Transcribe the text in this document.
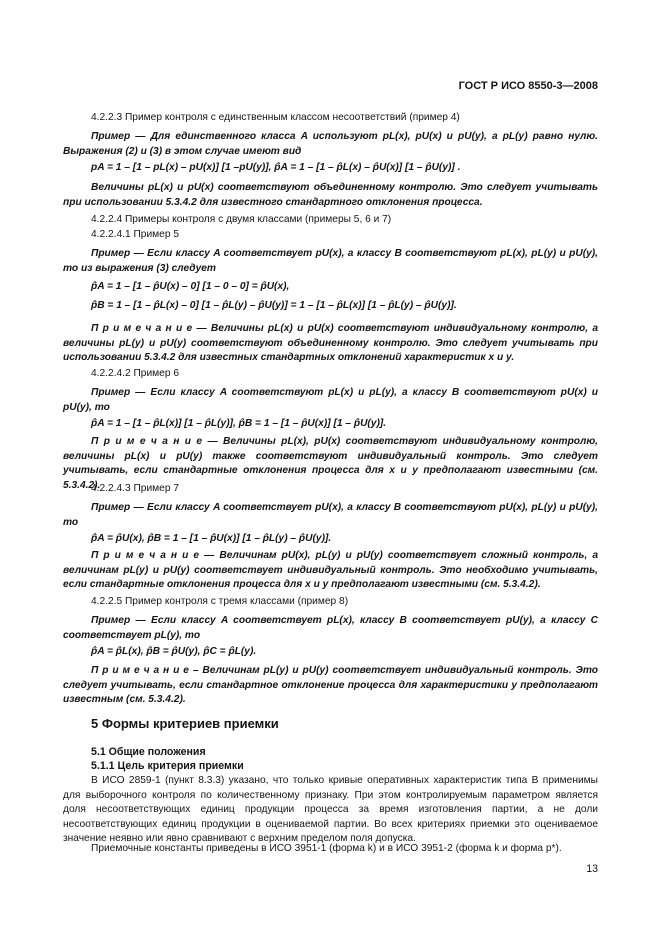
ГОСТ Р ИСО 8550-3—2008

4.2.2.3 Пример контроля с единственным классом несоответствий (пример 4)

Пример — Для единственного класса A используют pL(x), pU(x) и pU(y), а pL(y) равно нулю. Выражения (2) и (3) в этом случае имеют вид

pA = 1 – [1 – pL(x) – pU(x)] [1 –pU(y)], p̂A = 1 – [1 – p̂L(x) – p̂U(x)] [1 – p̂U(y)] .

Величины pL(x) и pU(x) соответствуют объединенному контролю. Это следует учитывать при использовании 5.3.4.2 для известного стандартного отклонения процесса.

4.2.2.4 Примеры контроля с двумя классами (примеры 5, 6 и 7)

4.2.2.4.1 Пример 5

Пример — Если классу A соответствует pU(x), а классу B соответствуют pL(x), pL(y) и pU(y), то из выражения (3) следует

p̂A = 1 – [1 – p̂U(x) – 0] [1 – 0 – 0] = p̂U(x),
p̂B = 1 – [1 – p̂L(x) – 0] [1 – p̂L(y) – p̂U(y)] = 1 – [1 – p̂L(x)] [1 – p̂L(y) – p̂U(y)].

П р и м е ч а н и е — Величины pL(x) и pU(x) соответствуют индивидуальному контролю, а величины pL(y) и pU(y) соответствуют объединенному контролю. Это следует учитывать при использовании 5.3.4.2 для известных стандартных отклонений характеристик x и y.

4.2.2.4.2 Пример 6

Пример — Если классу A соответствуют pL(x) и pL(y), а классу B соответствуют pU(x) и pU(y), то

p̂A = 1 – [1 – p̂L(x)] [1 – p̂L(y)], p̂B = 1 – [1 – p̂U(x)] [1 – p̂U(y)].

П р и м е ч а н и е — Величины pL(x), pU(x) соответствуют индивидуальному контролю, величины pL(x) и pU(y) также соответствуют индивидуальный контроль. Это следует учитывать, если стандартные отклонения процесса для x и y предполагают известными (см. 5.3.4.2).

4.2.2.4.3 Пример 7

Пример — Если классу A соответствует pU(x), а классу B соответствуют pU(x), pL(y) и pU(y), то

p̂A = p̂U(x), p̂B = 1 – [1 – p̂U(x)] [1 – p̂L(y) – p̂U(y)].

П р и м е ч а н и е — Величинам pU(x), pL(y) и pU(y) соответствует сложный контроль, а величинам pL(y) и pU(y) соответствует индивидуальный контроль. Это необходимо учитывать, если стандартные отклонения процесса для x и y предполагают известными (см. 5.3.4.2).

4.2.2.5 Пример контроля с тремя классами (пример 8)

Пример — Если классу A соответствует pL(x), классу B соответствует pU(y), а классу C соответствует pL(y), то

p̂A = p̂L(x), p̂B = p̂U(y), p̂C = p̂L(y).

П р и м е ч а н и е – Величинам pL(y) и pU(y) соответствует индивидуальный контроль. Это следует учитывать, если стандартное отклонение процесса для характеристики y предполагают известным (см. 5.3.4.2).

5 Формы критериев приемки
5.1 Общие положения
5.1.1 Цель критерия приемки

В ИСО 2859-1 (пункт 8.3.3) указано, что только кривые оперативных характеристик типа B применимы для выборочного контроля по количественному признаку. При этом контролируемым параметром является доля несоответствующих единиц продукции процесса за время изготовления партии, а не доли несоответствующих единиц продукции в оцениваемой партии. Во всех критериях приемки это оцениваемое значение неявно или явно сравнивают с верхним пределом поля допуска.

Приемочные константы приведены в ИСО 3951-1 (форма k) и в ИСО 3951-2 (форма k и форма p*).

13
